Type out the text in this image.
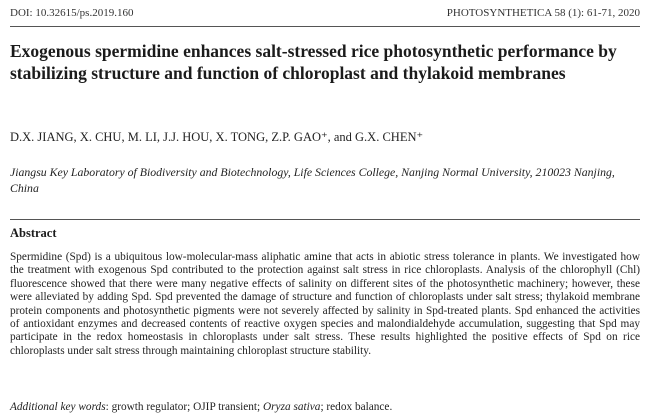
DOI: 10.32615/ps.2019.160	PHOTOSYNTHETICA 58 (1): 61-71, 2020
Exogenous spermidine enhances salt-stressed rice photosynthetic performance by stabilizing structure and function of chloroplast and thylakoid membranes
D.X. JIANG, X. CHU, M. LI, J.J. HOU, X. TONG, Z.P. GAO⁺, and G.X. CHEN⁺
Jiangsu Key Laboratory of Biodiversity and Biotechnology, Life Sciences College, Nanjing Normal University, 210023 Nanjing, China
Abstract
Spermidine (Spd) is a ubiquitous low-molecular-mass aliphatic amine that acts in abiotic stress tolerance in plants. We investigated how the treatment with exogenous Spd contributed to the protection against salt stress in rice chloroplasts. Analysis of the chlorophyll (Chl) fluorescence showed that there were many negative effects of salinity on different sites of the photosynthetic machinery; however, these were alleviated by adding Spd. Spd prevented the damage of structure and function of chloroplasts under salt stress; thylakoid membrane protein components and photosynthetic pigments were not severely affected by salinity in Spd-treated plants. Spd enhanced the activities of antioxidant enzymes and decreased contents of reactive oxygen species and malondialdehyde accumulation, suggesting that Spd may participate in the redox homeostasis in chloroplasts under salt stress. These results highlighted the positive effects of Spd on rice chloroplasts under salt stress through maintaining chloroplast structure stability.
Additional key words: growth regulator; OJIP transient; Oryza sativa; redox balance.
